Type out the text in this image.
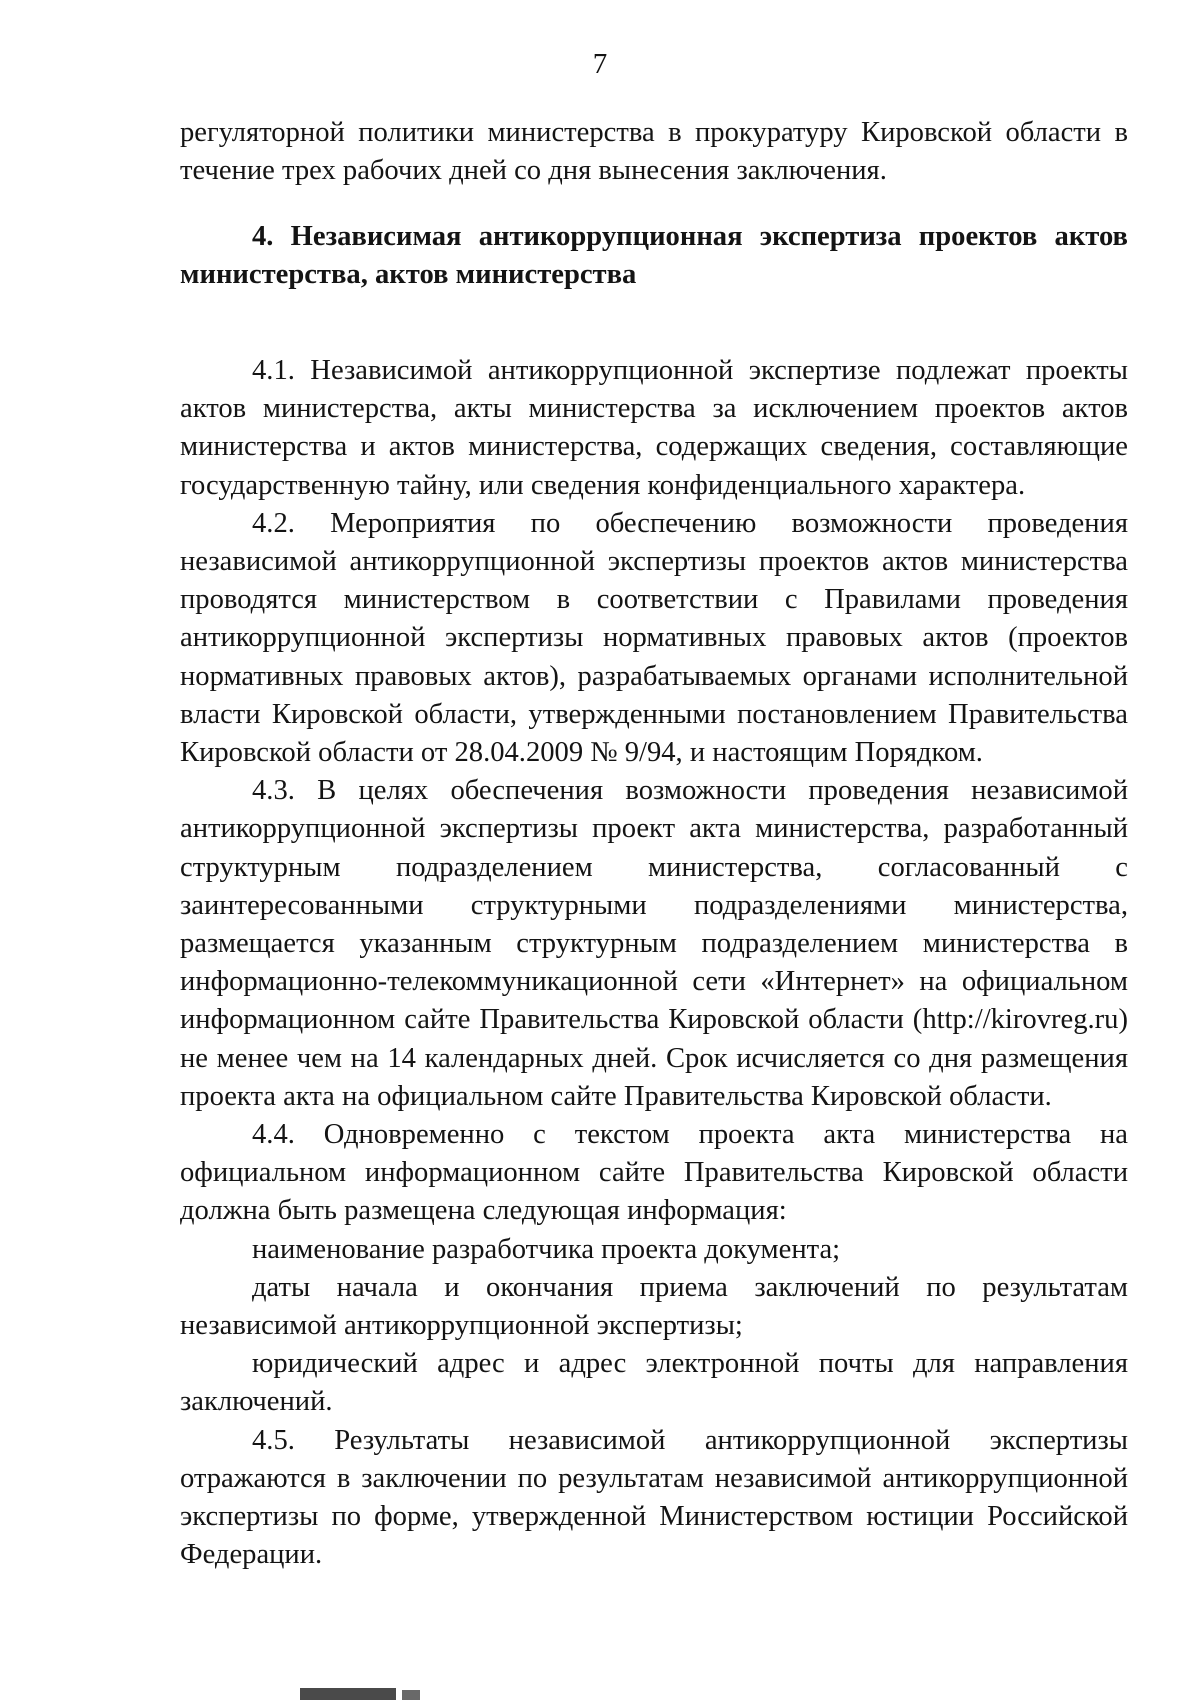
7

регуляторной политики министерства в прокуратуру Кировской области в течение трех рабочих дней со дня вынесения заключения.

4. Независимая антикоррупционная экспертиза проектов актов министерства, актов министерства

4.1. Независимой антикоррупционной экспертизе подлежат проекты актов министерства, акты министерства за исключением проектов актов министерства и актов министерства, содержащих сведения, составляющие государственную тайну, или сведения конфиденциального характера.

4.2. Мероприятия по обеспечению возможности проведения независимой антикоррупционной экспертизы проектов актов министерства проводятся министерством в соответствии с Правилами проведения антикоррупционной экспертизы нормативных правовых актов (проектов нормативных правовых актов), разрабатываемых органами исполнительной власти Кировской области, утвержденными постановлением Правительства Кировской области от 28.04.2009 № 9/94, и настоящим Порядком.

4.3. В целях обеспечения возможности проведения независимой антикоррупционной экспертизы проект акта министерства, разработанный структурным подразделением министерства, согласованный с заинтересованными структурными подразделениями министерства, размещается указанным структурным подразделением министерства в информационно-телекоммуникационной сети «Интернет» на официальном информационном сайте Правительства Кировской области (http://kirovreg.ru) не менее чем на 14 календарных дней. Срок исчисляется со дня размещения проекта акта на официальном сайте Правительства Кировской области.

4.4. Одновременно с текстом проекта акта министерства на официальном информационном сайте Правительства Кировской области должна быть размещена следующая информация:

наименование разработчика проекта документа;

даты начала и окончания приема заключений по результатам независимой антикоррупционной экспертизы;

юридический адрес и адрес электронной почты для направления заключений.

4.5. Результаты независимой антикоррупционной экспертизы отражаются в заключении по результатам независимой антикоррупционной экспертизы по форме, утвержденной Министерством юстиции Российской Федерации.
